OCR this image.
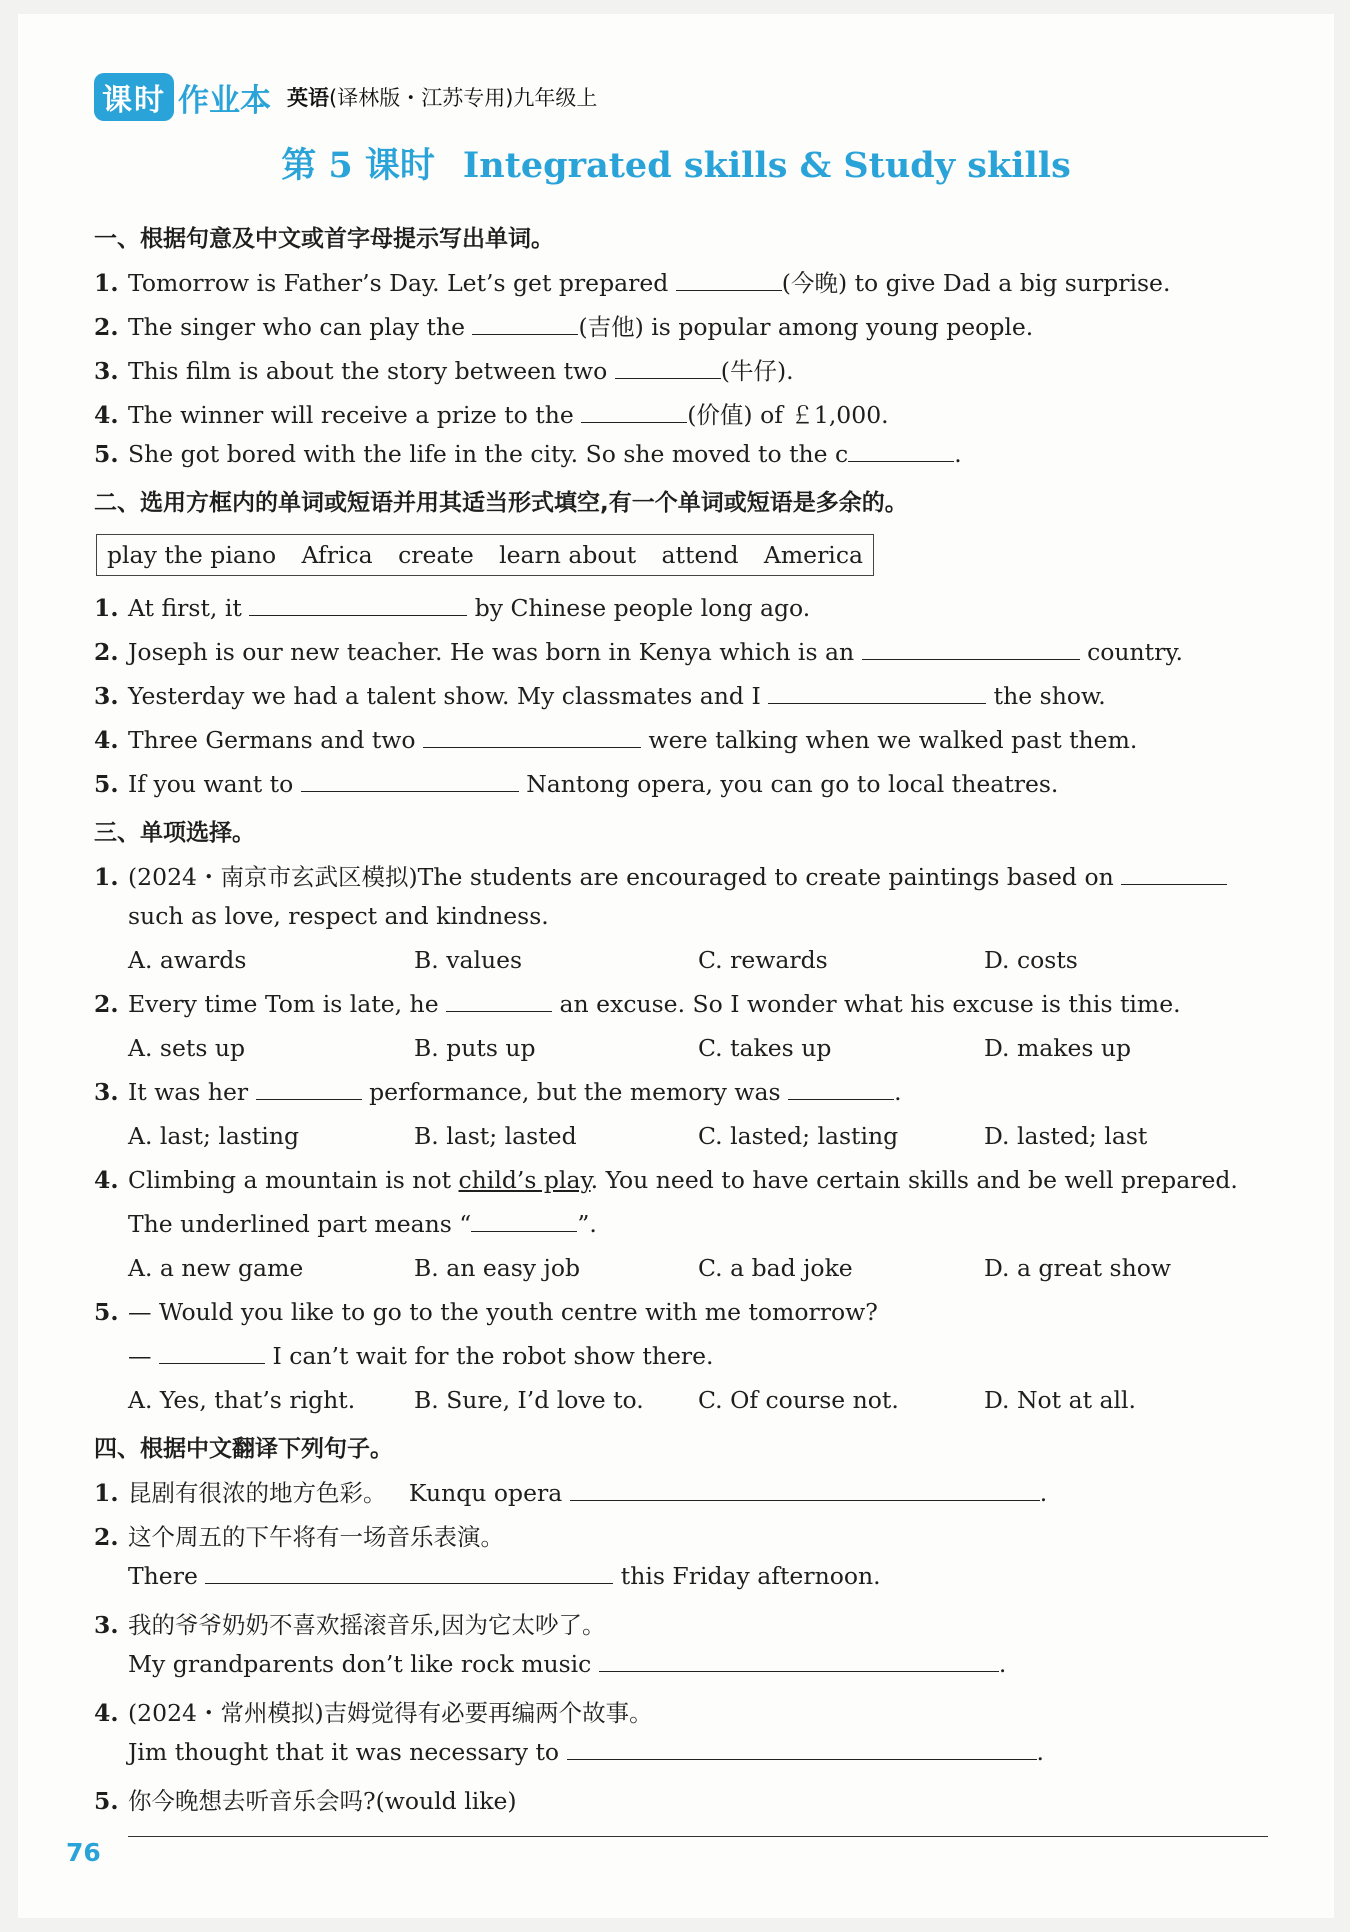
课时 作业本 英语(译林版・江苏专用)九年级上
第 5 课时 Integrated skills & Study skills
一、根据句意及中文或首字母提示写出单词。
1. Tomorrow is Father’s Day. Let’s get prepared	(今晚) to give Dad a big surprise.
2. The singer who can play the	(吉他) is popular among young people.
3. This film is about the story between two	(牛仔).
4. The winner will receive a prize to the	(价值) of ￡1,000.
5. She got bored with the life in the city. So she moved to the c	.
二、选用方框内的单词或短语并用其适当形式填空,有一个单词或短语是多余的。
play the piano Africa create learn about attend America
1. At first, it	by Chinese people long ago.
2. Joseph is our new teacher. He was born in Kenya which is an	country.
3. Yesterday we had a talent show. My classmates and I	the show.
4. Three Germans and two	were talking when we walked past them.
5. If you want to	Nantong opera, you can go to local theatres.
三、单项选择。
1. (2024・南京市玄武区模拟)The students are encouraged to create paintings based on
such as love, respect and kindness.
A. awards	B. values	C. rewards	D. costs
2. Every time Tom is late, he	an excuse. So I wonder what his excuse is this time.
A. sets up	B. puts up	C. takes up	D. makes up
3. It was her	performance, but the memory was	.
A. last; lasting	B. last; lasted	C. lasted; lasting	D. lasted; last
4. Climbing a mountain is not child’s play. You need to have certain skills and be well prepared.
The underlined part means “	”.
A. a new game	B. an easy job	C. a bad joke	D. a great show
5. — Would you like to go to the youth centre with me tomorrow?
—	I can’t wait for the robot show there.
A. Yes, that’s right.	B. Sure, I’d love to. C. Of course not.	D. Not at all.
四、根据中文翻译下列句子。
1. 昆剧有很浓的地方色彩。 Kunqu opera	.
2. 这个周五的下午将有一场音乐表演。
There	this Friday afternoon.
3. 我的爷爷奶奶不喜欢摇滚音乐,因为它太吵了。
My grandparents don’t like rock music	.
4. (2024・常州模拟)吉姆觉得有必要再编两个故事。
Jim thought that it was necessary to	.
5. 你今晚想去听音乐会吗?(would like)
76
